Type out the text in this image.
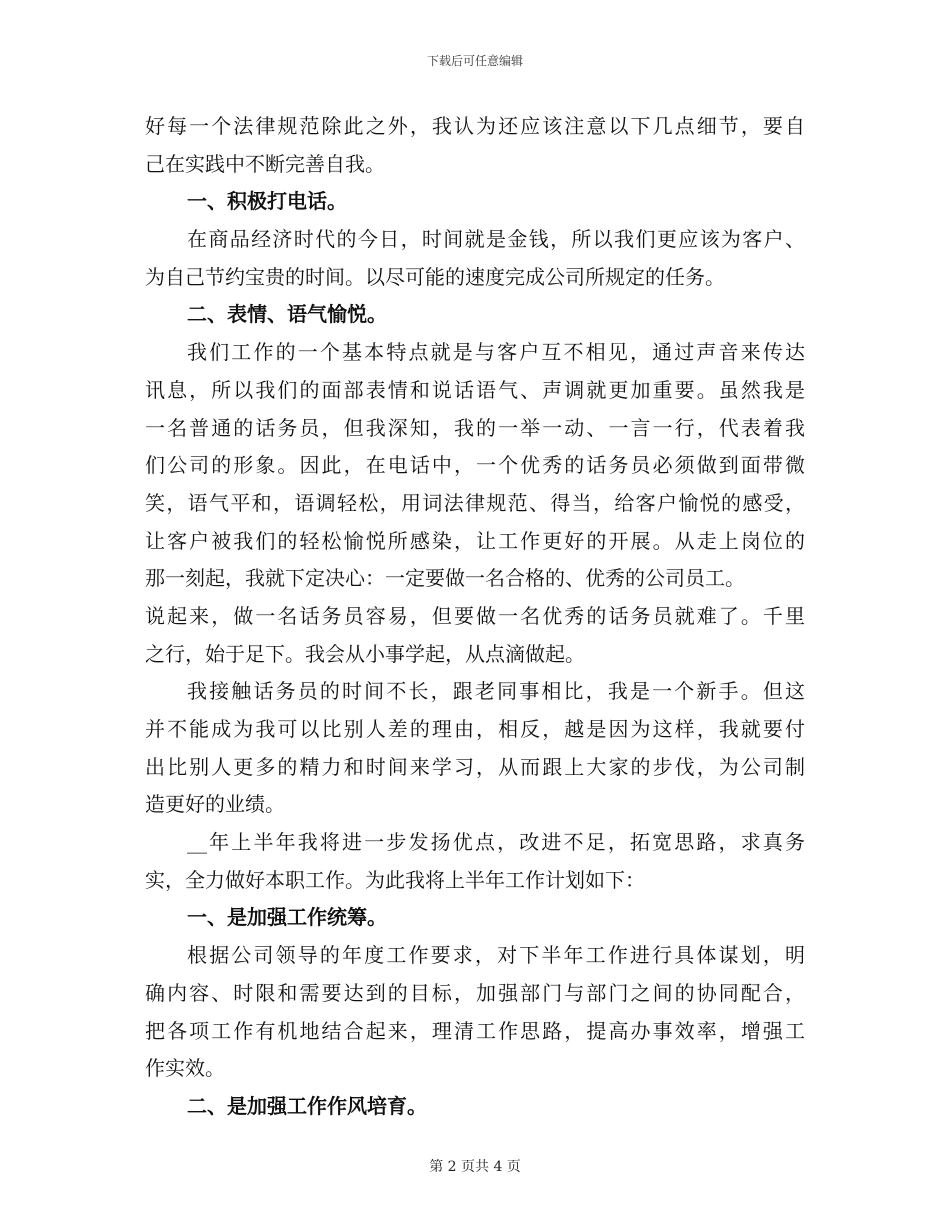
下载后可任意编辑
好每一个法律规范除此之外，我认为还应该注意以下几点细节，要自
己在实践中不断完善自我。
一、积极打电话。
在商品经济时代的今日，时间就是金钱，所以我们更应该为客户、
为自己节约宝贵的时间。以尽可能的速度完成公司所规定的任务。
二、表情、语气愉悦。
我们工作的一个基本特点就是与客户互不相见，通过声音来传达
讯息，所以我们的面部表情和说话语气、声调就更加重要。虽然我是
一名普通的话务员，但我深知，我的一举一动、一言一行，代表着我
们公司的形象。因此，在电话中，一个优秀的话务员必须做到面带微
笑，语气平和，语调轻松，用词法律规范、得当，给客户愉悦的感受，
让客户被我们的轻松愉悦所感染，让工作更好的开展。从走上岗位的
那一刻起，我就下定决心：一定要做一名合格的、优秀的公司员工。
说起来，做一名话务员容易，但要做一名优秀的话务员就难了。千里
之行，始于足下。我会从小事学起，从点滴做起。
我接触话务员的时间不长，跟老同事相比，我是一个新手。但这
并不能成为我可以比别人差的理由，相反，越是因为这样，我就要付
出比别人更多的精力和时间来学习，从而跟上大家的步伐，为公司制
造更好的业绩。
__年上半年我将进一步发扬优点，改进不足，拓宽思路，求真务
实，全力做好本职工作。为此我将上半年工作计划如下：
一、是加强工作统筹。
根据公司领导的年度工作要求，对下半年工作进行具体谋划，明
确内容、时限和需要达到的目标，加强部门与部门之间的协同配合，
把各项工作有机地结合起来，理清工作思路，提高办事效率，增强工
作实效。
二、是加强工作作风培育。
第 2 页共 4 页
